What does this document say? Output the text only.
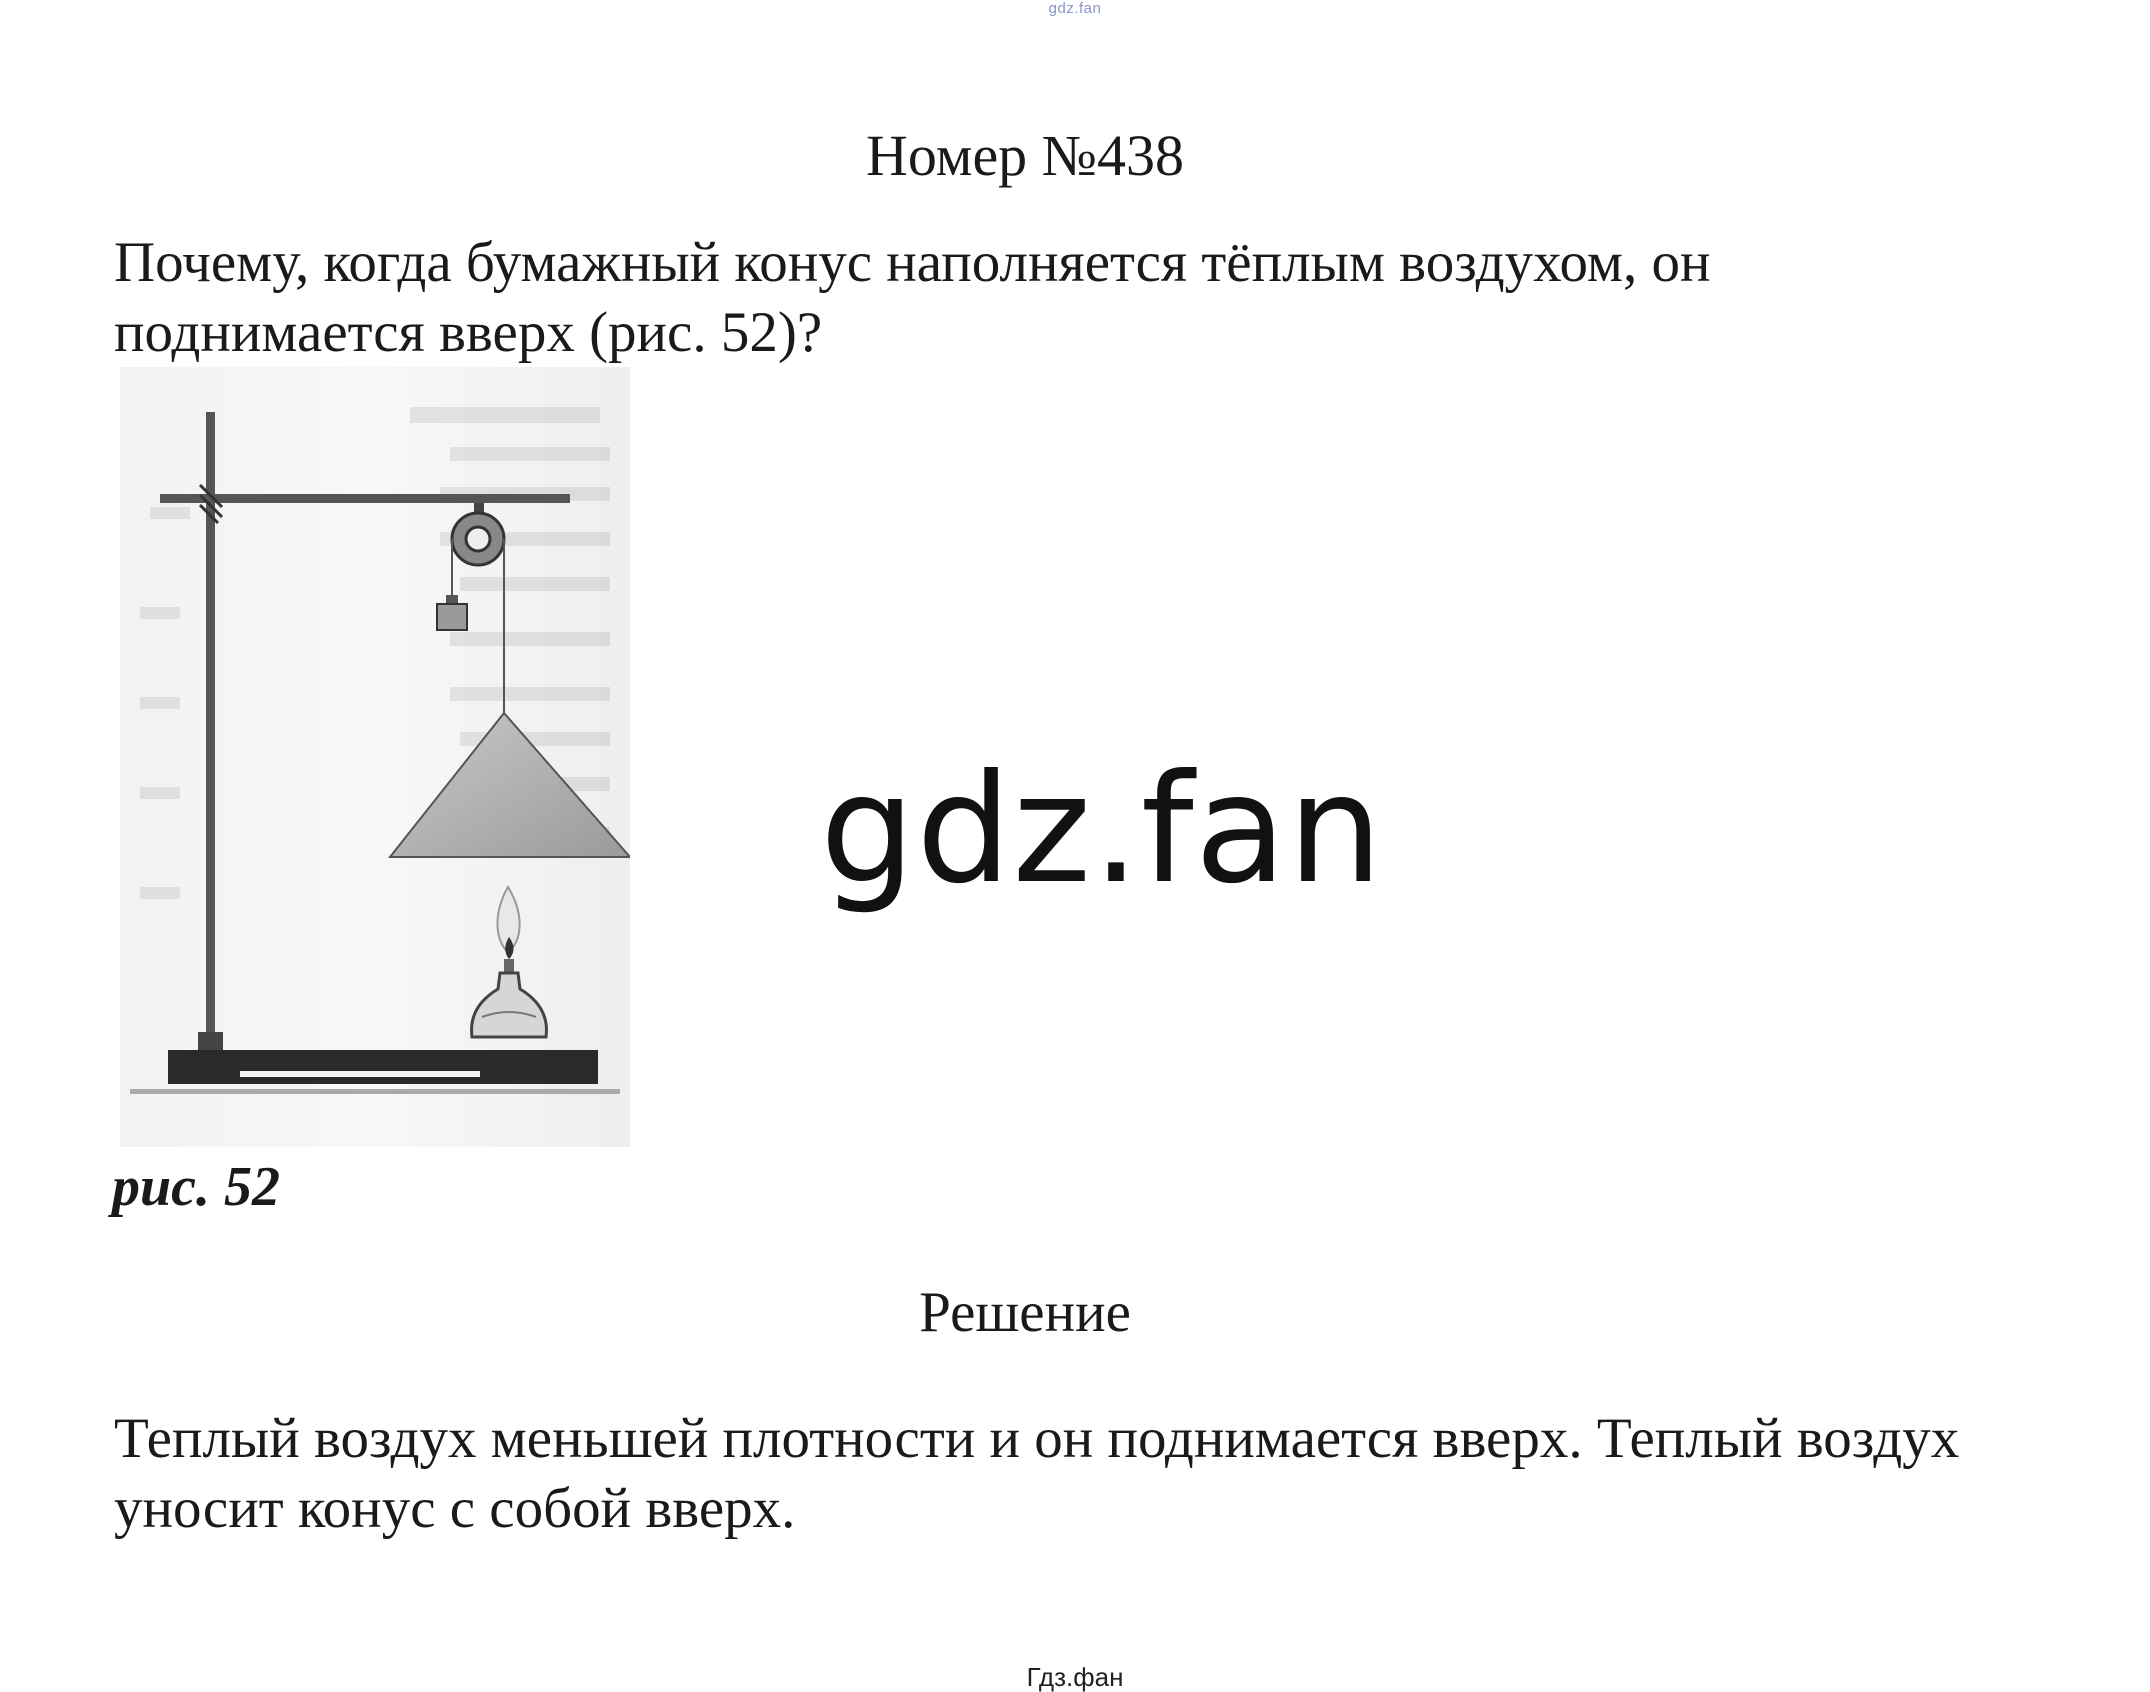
gdz.fan
Номер №438
Почему, когда бумажный конус наполняется тёплым воздухом, он поднимается вверх (рис. 52)?
рис. 52
gdz.fan
Решение
Теплый воздух меньшей плотности и он поднимается вверх. Теплый воздух уносит конус с собой вверх.
Гдз.фан
